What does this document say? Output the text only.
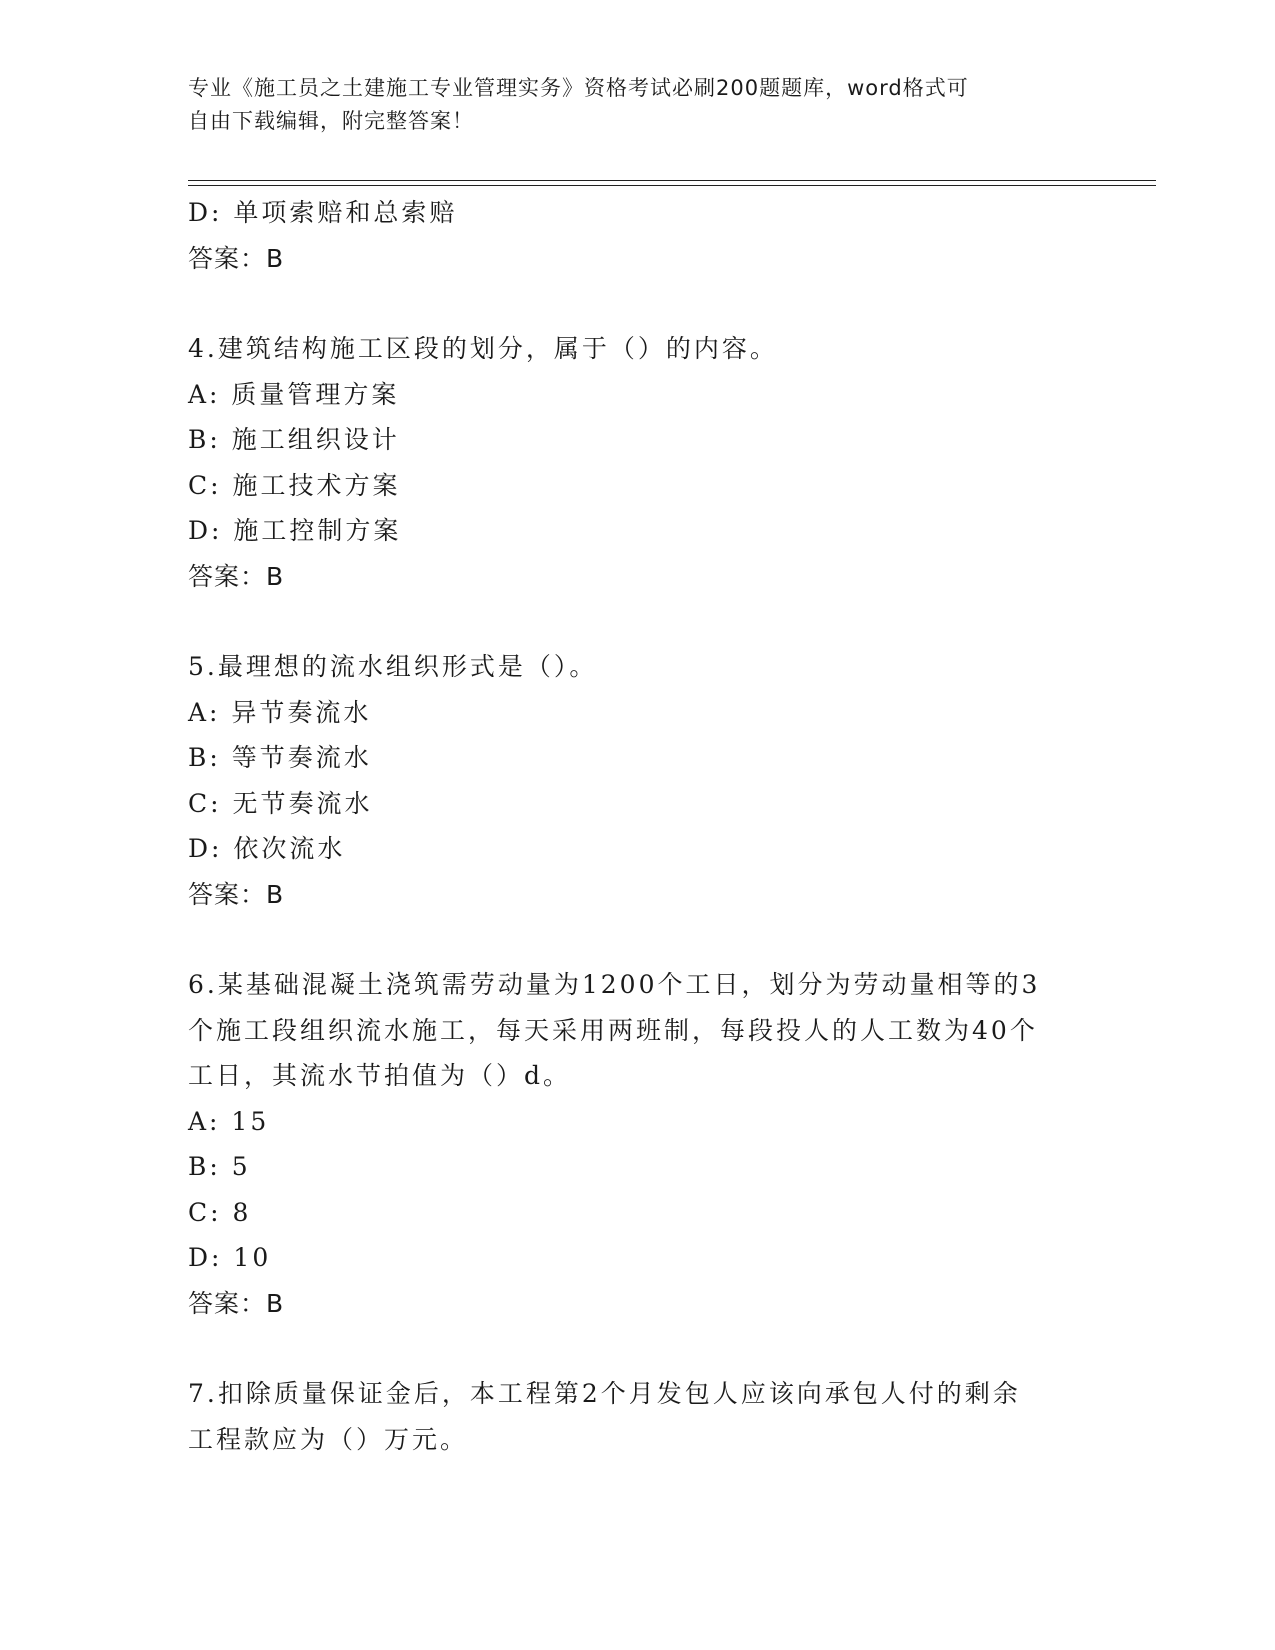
专业《施工员之土建施工专业管理实务》资格考试必刷200题题库，word格式可
自由下载编辑，附完整答案！
D: 单项索赔和总索赔
答案：B
4.建筑结构施工区段的划分，属于（）的内容。
A: 质量管理方案
B: 施工组织设计
C: 施工技术方案
D: 施工控制方案
答案：B
5.最理想的流水组织形式是（）。
A: 异节奏流水
B: 等节奏流水
C: 无节奏流水
D: 依次流水
答案：B
6.某基础混凝土浇筑需劳动量为1200个工日，划分为劳动量相等的3
个施工段组织流水施工，每天采用两班制，每段投人的人工数为40个
工日，其流水节拍值为（）d。
A: 15
B: 5
C: 8
D: 10
答案：B
7.扣除质量保证金后，本工程第2个月发包人应该向承包人付的剩余
工程款应为（）万元。
